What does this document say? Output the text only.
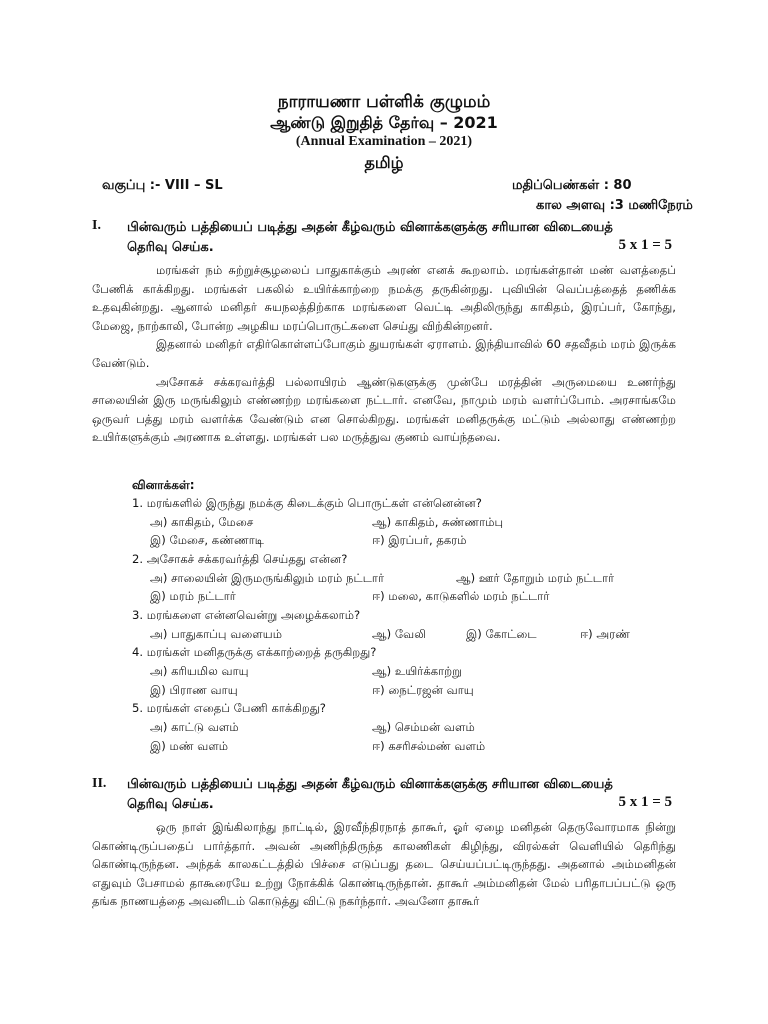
நாராயணா பள்ளிக் குழுமம்
ஆண்டு இறுதித் தேர்வு – 2021
(Annual Examination – 2021)
தமிழ்
வகுப்பு :- VIII – SL	மதிப்பெண்கள் : 80
கால அளவு :3 மணிநேரம்
I. பின்வரும் பத்தியைப் படித்து அதன் கீழ்வரும் வினாக்களுக்கு சரியான விடையைத்
தெரிவு செய்க.	5 x 1 = 5

மரங்கள் நம் சுற்றுச்சூழலைப் பாதுகாக்கும் அரண் எனக் கூறலாம். மரங்கள்தான் மண் வளத்தைப் பேணிக் காக்கிறது. மரங்கள் பகலில் உயிர்க்காற்றை நமக்கு தருகின்றது. புவியின் வெப்பத்தைத் தணிக்க உதவுகின்றது. ஆனால் மனிதர் சுயநலத்திற்காக மரங்களை வெட்டி அதிலிருந்து காகிதம், இரப்பர், கோந்து, மேஜை, நாற்காலி, போன்ற அழகிய மரப்பொருட்களை செய்து விற்கின்றனர்.

இதனால் மனிதர் எதிர்கொள்ளப்போகும் துயரங்கள் ஏராளம். இந்தியாவில் 60 சதவீதம் மரம் இருக்க வேண்டும்.

அசோகச் சக்கரவர்த்தி பல்லாயிரம் ஆண்டுகளுக்கு முன்பே மரத்தின் அருமையை உணர்ந்து சாலையின் இரு மருங்கிலும் எண்ணற்ற மரங்களை நட்டார். எனவே, நாமும் மரம் வளர்ப்போம். அரசாங்கமே ஒருவர் பத்து மரம் வளர்க்க வேண்டும் என சொல்கிறது. மரங்கள் மனிதருக்கு மட்டும் அல்லாது எண்ணற்ற உயிர்களுக்கும் அரணாக உள்ளது. மரங்கள் பல மருத்துவ குணம் வாய்ந்தவை.

வினாக்கள்:
1. மரங்களில் இருந்து நமக்கு கிடைக்கும் பொருட்கள் என்னென்ன?
அ) காகிதம், மேசை	ஆ) காகிதம், சுண்ணாம்பு
இ) மேசை, கண்ணாடி	ஈ) இரப்பர், தகரம்
2. அசோகச் சக்கரவர்த்தி செய்தது என்ன?
அ) சாலையின் இருமருங்கிலும் மரம் நட்டார்	ஆ) ஊர் தோறும் மரம் நட்டார்
இ) மரம் நட்டார்	ஈ) மலை, காடுகளில் மரம் நட்டார்
3. மரங்களை என்னவென்று அழைக்கலாம்?
அ) பாதுகாப்பு வளையம்	ஆ) வேலி	இ) கோட்டை	ஈ) அரண்
4. மரங்கள் மனிதருக்கு எக்காற்றைத் தருகிறது?
அ) கரியமில வாயு	ஆ) உயிர்க்காற்று
இ) பிராண வாயு	ஈ) நைட்ரஜன் வாயு
5. மரங்கள் எதைப் பேணி காக்கிறது?
அ) காட்டு வளம்	ஆ) செம்மன் வளம்
இ) மண் வளம்	ஈ) கசரிசல்மண் வளம்
II. பின்வரும் பத்தியைப் படித்து அதன் கீழ்வரும் வினாக்களுக்கு சரியான விடையைத்
தெரிவு செய்க.	5 x 1 = 5

ஒரு நாள் இங்கிலாந்து நாட்டில், இரவீந்திரநாத் தாகூர், ஓர் ஏழை மனிதன் தெருவோரமாக நின்று கொண்டிருப்பதைப் பார்த்தார். அவன் அணிந்திருந்த காலணிகள் கிழிந்து, விரல்கள் வெளியில் தெரிந்து கொண்டிருந்தன. அந்தக் காலகட்டத்தில் பிச்சை எடுப்பது தடை செய்யப்பட்டிருந்தது. அதனால் அம்மனிதன் எதுவும் பேசாமல் தாகூரையே உற்று நோக்கிக் கொண்டிருந்தான். தாகூர் அம்மனிதன் மேல் பரிதாபப்பட்டு ஒரு தங்க நாணயத்தை அவனிடம் கொடுத்து விட்டு நகர்ந்தார். அவனோ தாகூர்
